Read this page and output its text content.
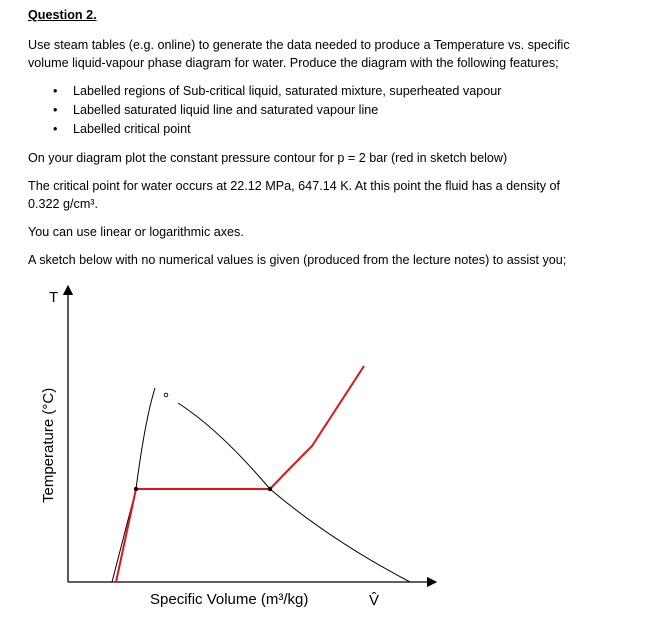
Question 2.
Use steam tables (e.g. online) to generate the data needed to produce a Temperature vs. specific
volume liquid-vapour phase diagram for water. Produce the diagram with the following features;
• Labelled regions of Sub-critical liquid, saturated mixture, superheated vapour
• Labelled saturated liquid line and saturated vapour line
• Labelled critical point
On your diagram plot the constant pressure contour for p = 2 bar (red in sketch below)
The critical point for water occurs at 22.12 MPa, 647.14 K. At this point the fluid has a density of
0.322 g/cm³.
You can use linear or logarithmic axes.
A sketch below with no numerical values is given (produced from the lecture notes) to assist you;
T
Temperature (°C)
Specific Volume (m³/kg)	V̂
